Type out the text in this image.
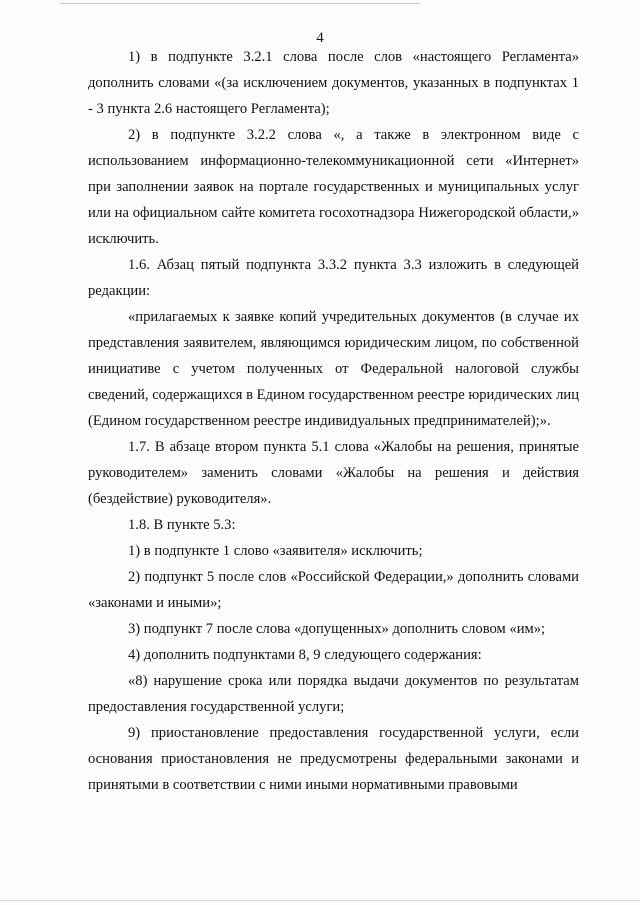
4

1) в подпункте 3.2.1 слова после слов «настоящего Регламента» дополнить словами «(за исключением документов, указанных в подпунктах 1 - 3 пункта 2.6 настоящего Регламента);

2) в подпункте 3.2.2 слова «, а также в электронном виде с использованием информационно-телекоммуникационной сети «Интернет» при заполнении заявок на портале государственных и муниципальных услуг или на официальном сайте комитета госохотнадзора Нижегородской области,» исключить.

1.6. Абзац пятый подпункта 3.3.2 пункта 3.3 изложить в следующей редакции:

«прилагаемых к заявке копий учредительных документов (в случае их представления заявителем, являющимся юридическим лицом, по собственной инициативе с учетом полученных от Федеральной налоговой службы сведений, содержащихся в Едином государственном реестре юридических лиц (Едином государственном реестре индивидуальных предпринимателей);».

1.7. В абзаце втором пункта 5.1 слова «Жалобы на решения, принятые руководителем» заменить словами «Жалобы на решения и действия (бездействие) руководителя».

1.8. В пункте 5.3:

1) в подпункте 1 слово «заявителя» исключить;

2) подпункт 5 после слов «Российской Федерации,» дополнить словами «законами и иными»;

3) подпункт 7 после слова «допущенных» дополнить словом «им»;

4) дополнить подпунктами 8, 9 следующего содержания:

«8) нарушение срока или порядка выдачи документов по результатам предоставления государственной услуги;

9) приостановление предоставления государственной услуги, если основания приостановления не предусмотрены федеральными законами и принятыми в соответствии с ними иными нормативными правовыми
